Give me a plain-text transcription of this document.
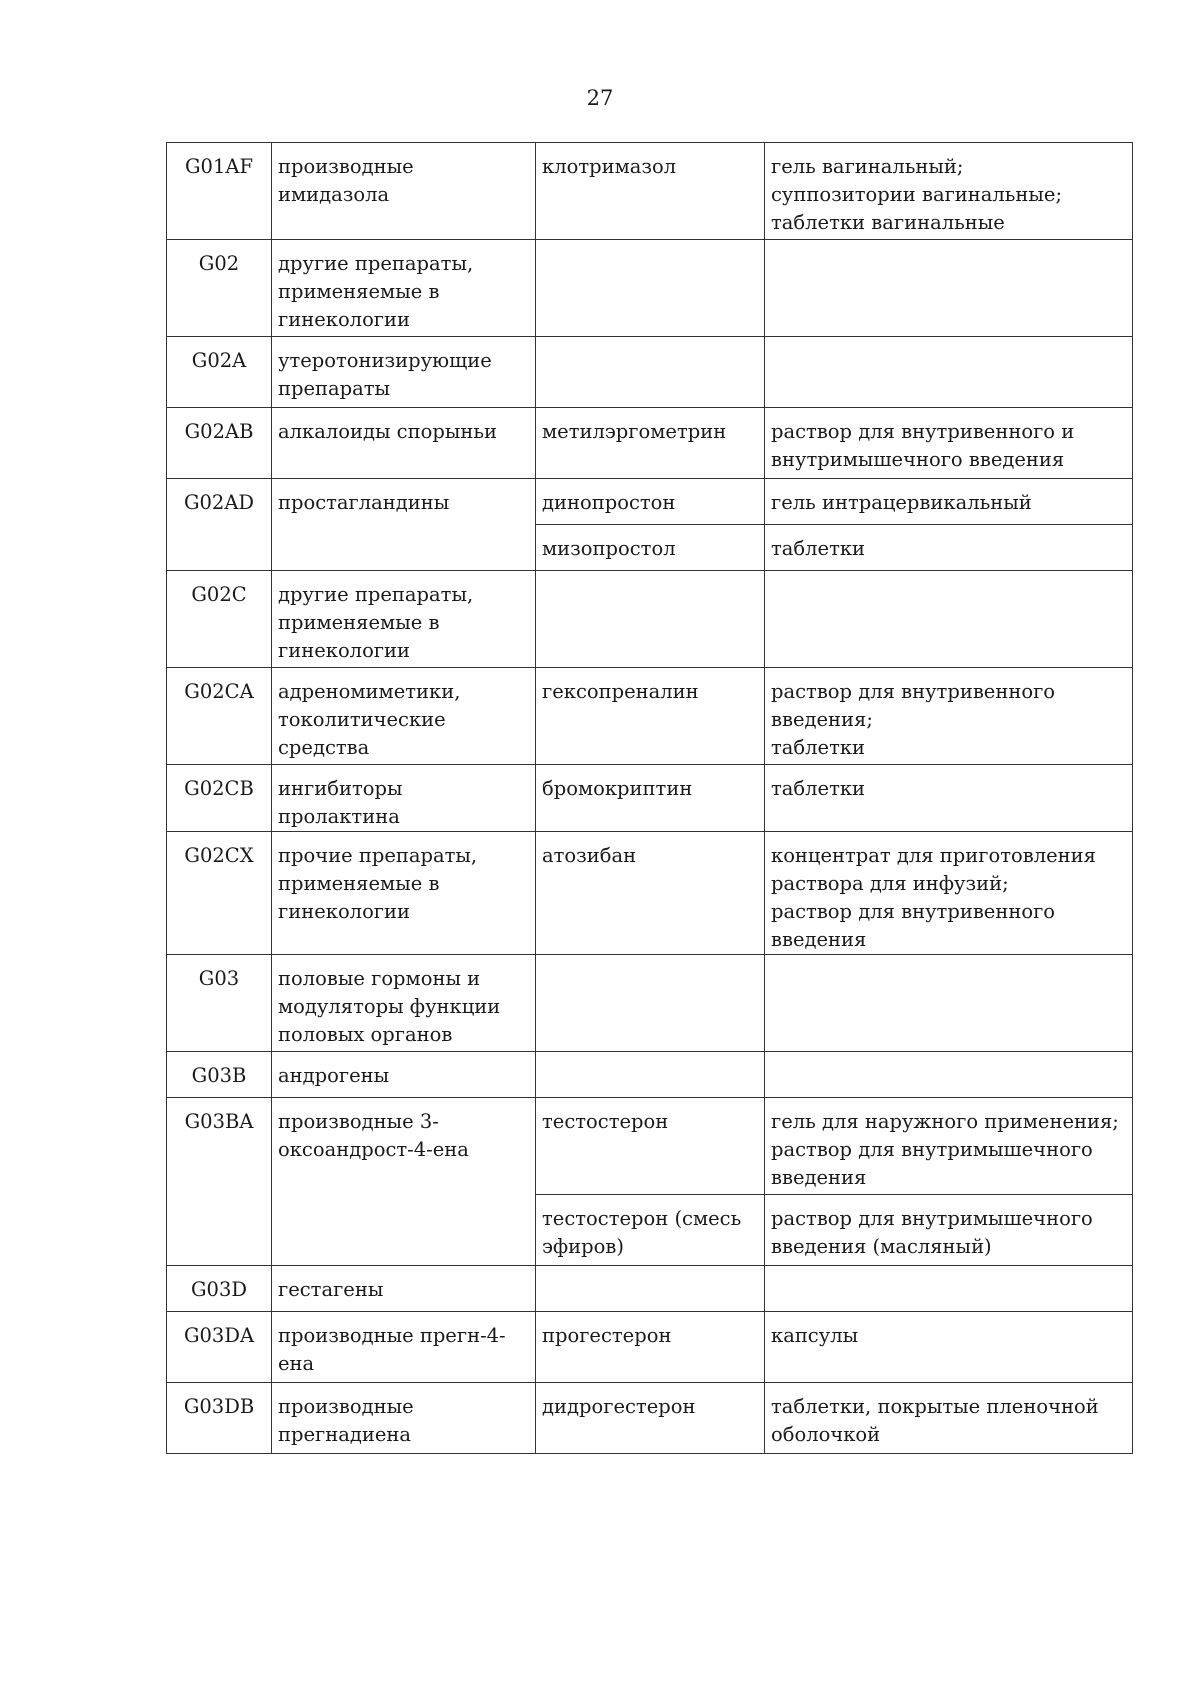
27
G01AF	производные имидазола	клотримазол	гель вагинальный;
суппозитории вагинальные;
таблетки вагинальные

G02	другие препараты,
применяемые в
гинекологии		

G02A	утеротонизирующие
препараты		

G02AB	алкалоиды спорыньи	метилэргометрин	раствор для внутривенного и
внутримышечного введения

G02AD	простагландины	динопростон	гель интрацервикальный

		мизопростол	таблетки

G02C	другие препараты,
применяемые в
гинекологии		

G02CA	адреномиметики,
токолитические
средства	гексопреналин	раствор для внутривенного
введения;
таблетки

G02CB	ингибиторы пролактина	бромокриптин	таблетки

G02CX	прочие препараты,
применяемые в
гинекологии	атозибан	концентрат для приготовления
раствора для инфузий;
раствор для внутривенного
введения

G03	половые гормоны и
модуляторы функции
половых органов		

G03B	андрогены		

G03BA	производные 3-
оксоандрост-4-ена	тестостерон	гель для наружного применения;
раствор для внутримышечного
введения

		тестостерон (смесь
эфиров)	раствор для внутримышечного
введения (масляный)

G03D	гестагены		

G03DA	производные прегн-4-
ена	прогестерон	капсулы

G03DB	производные
прегнадиена	дидрогестерон	таблетки, покрытые пленочной
оболочкой
